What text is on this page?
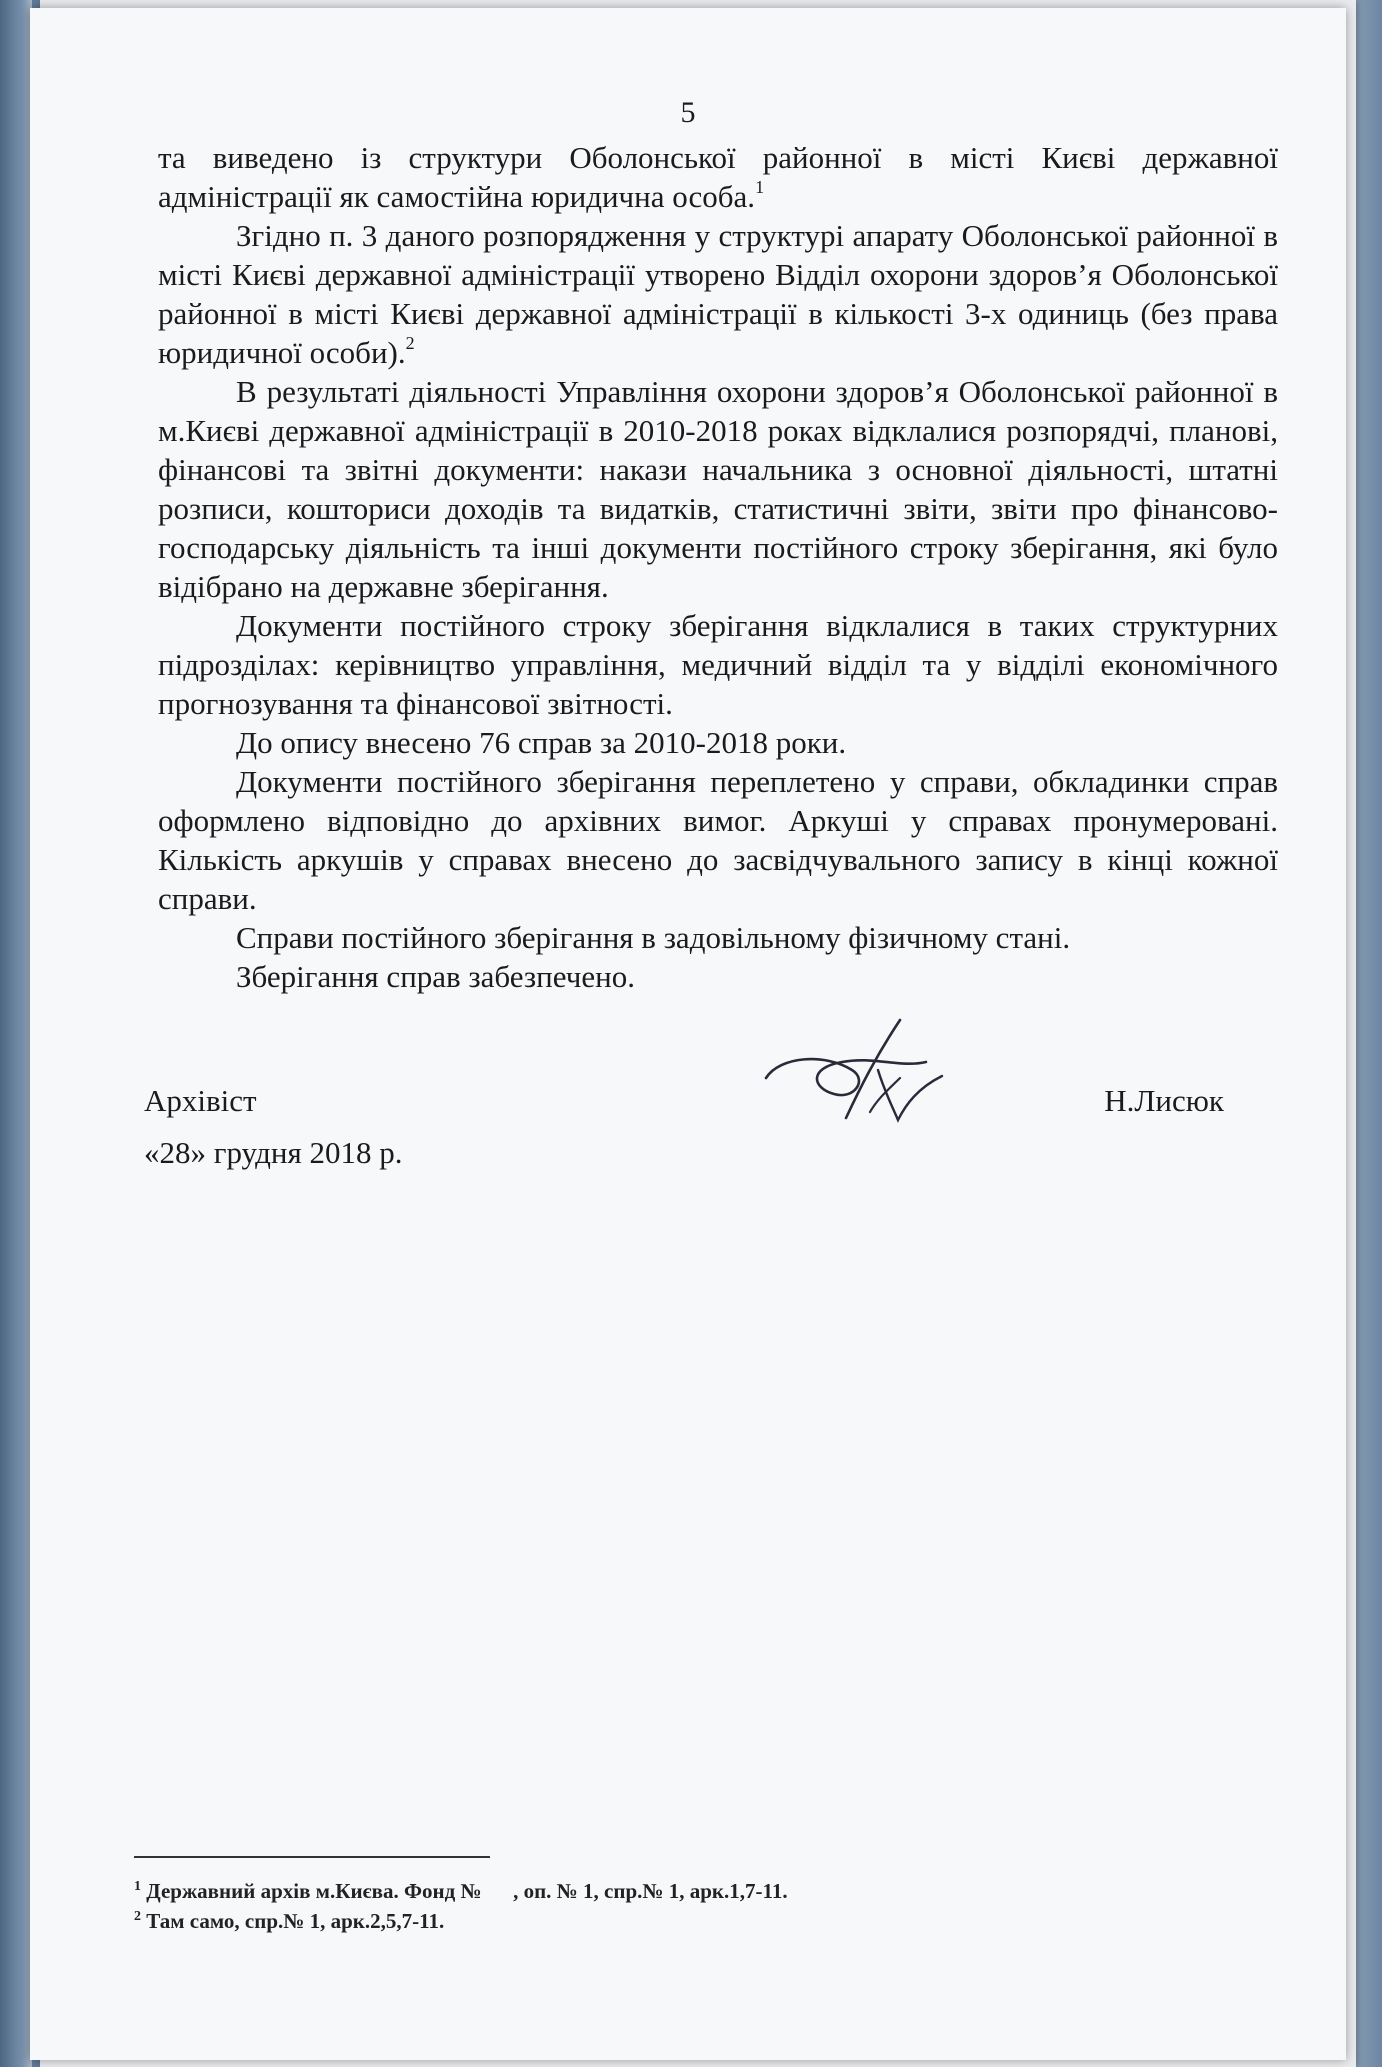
5

та виведено із структури Оболонської районної в місті Києві державної адміністрації як самостійна юридична особа.$^1$

Згідно п. 3 даного розпорядження у структурі апарату Оболонської районної в місті Києві державної адміністрації утворено Відділ охорони здоров’я Оболонської районної в місті Києві державної адміністрації в кількості 3-х одиниць (без права юридичної особи).$^2$

В результаті діяльності Управління охорони здоров’я Оболонської районної в м.Києві державної адміністрації в 2010-2018 роках відклалися розпорядчі, планові, фінансові та звітні документи: накази начальника з основної діяльності, штатні розписи, кошториси доходів та видатків, статистичні звіти, звіти про фінансово-господарську діяльність та інші документи постійного строку зберігання, які було відібрано на державне зберігання.

Документи постійного строку зберігання відклалися в таких структурних підрозділах: керівництво управління, медичний відділ та у відділі економічного прогнозування та фінансової звітності.

До опису внесено 76 справ за 2010-2018 роки.

Документи постійного зберігання переплетено у справи, обкладинки справ оформлено відповідно до архівних вимог. Аркуші у справах пронумеровані. Кількість аркушів у справах внесено до засвідчувального запису в кінці кожної справи.

Справи постійного зберігання в задовільному фізичному стані.

Зберігання справ забезпечено.

Архівіст	Н.Лисюк
«28» грудня 2018 р.
$^1$ Державний архів м.Києва. Фонд №      , оп. № 1, спр.№ 1, арк.1,7-11.
$^2$ Там само, спр.№ 1, арк.2,5,7-11.
